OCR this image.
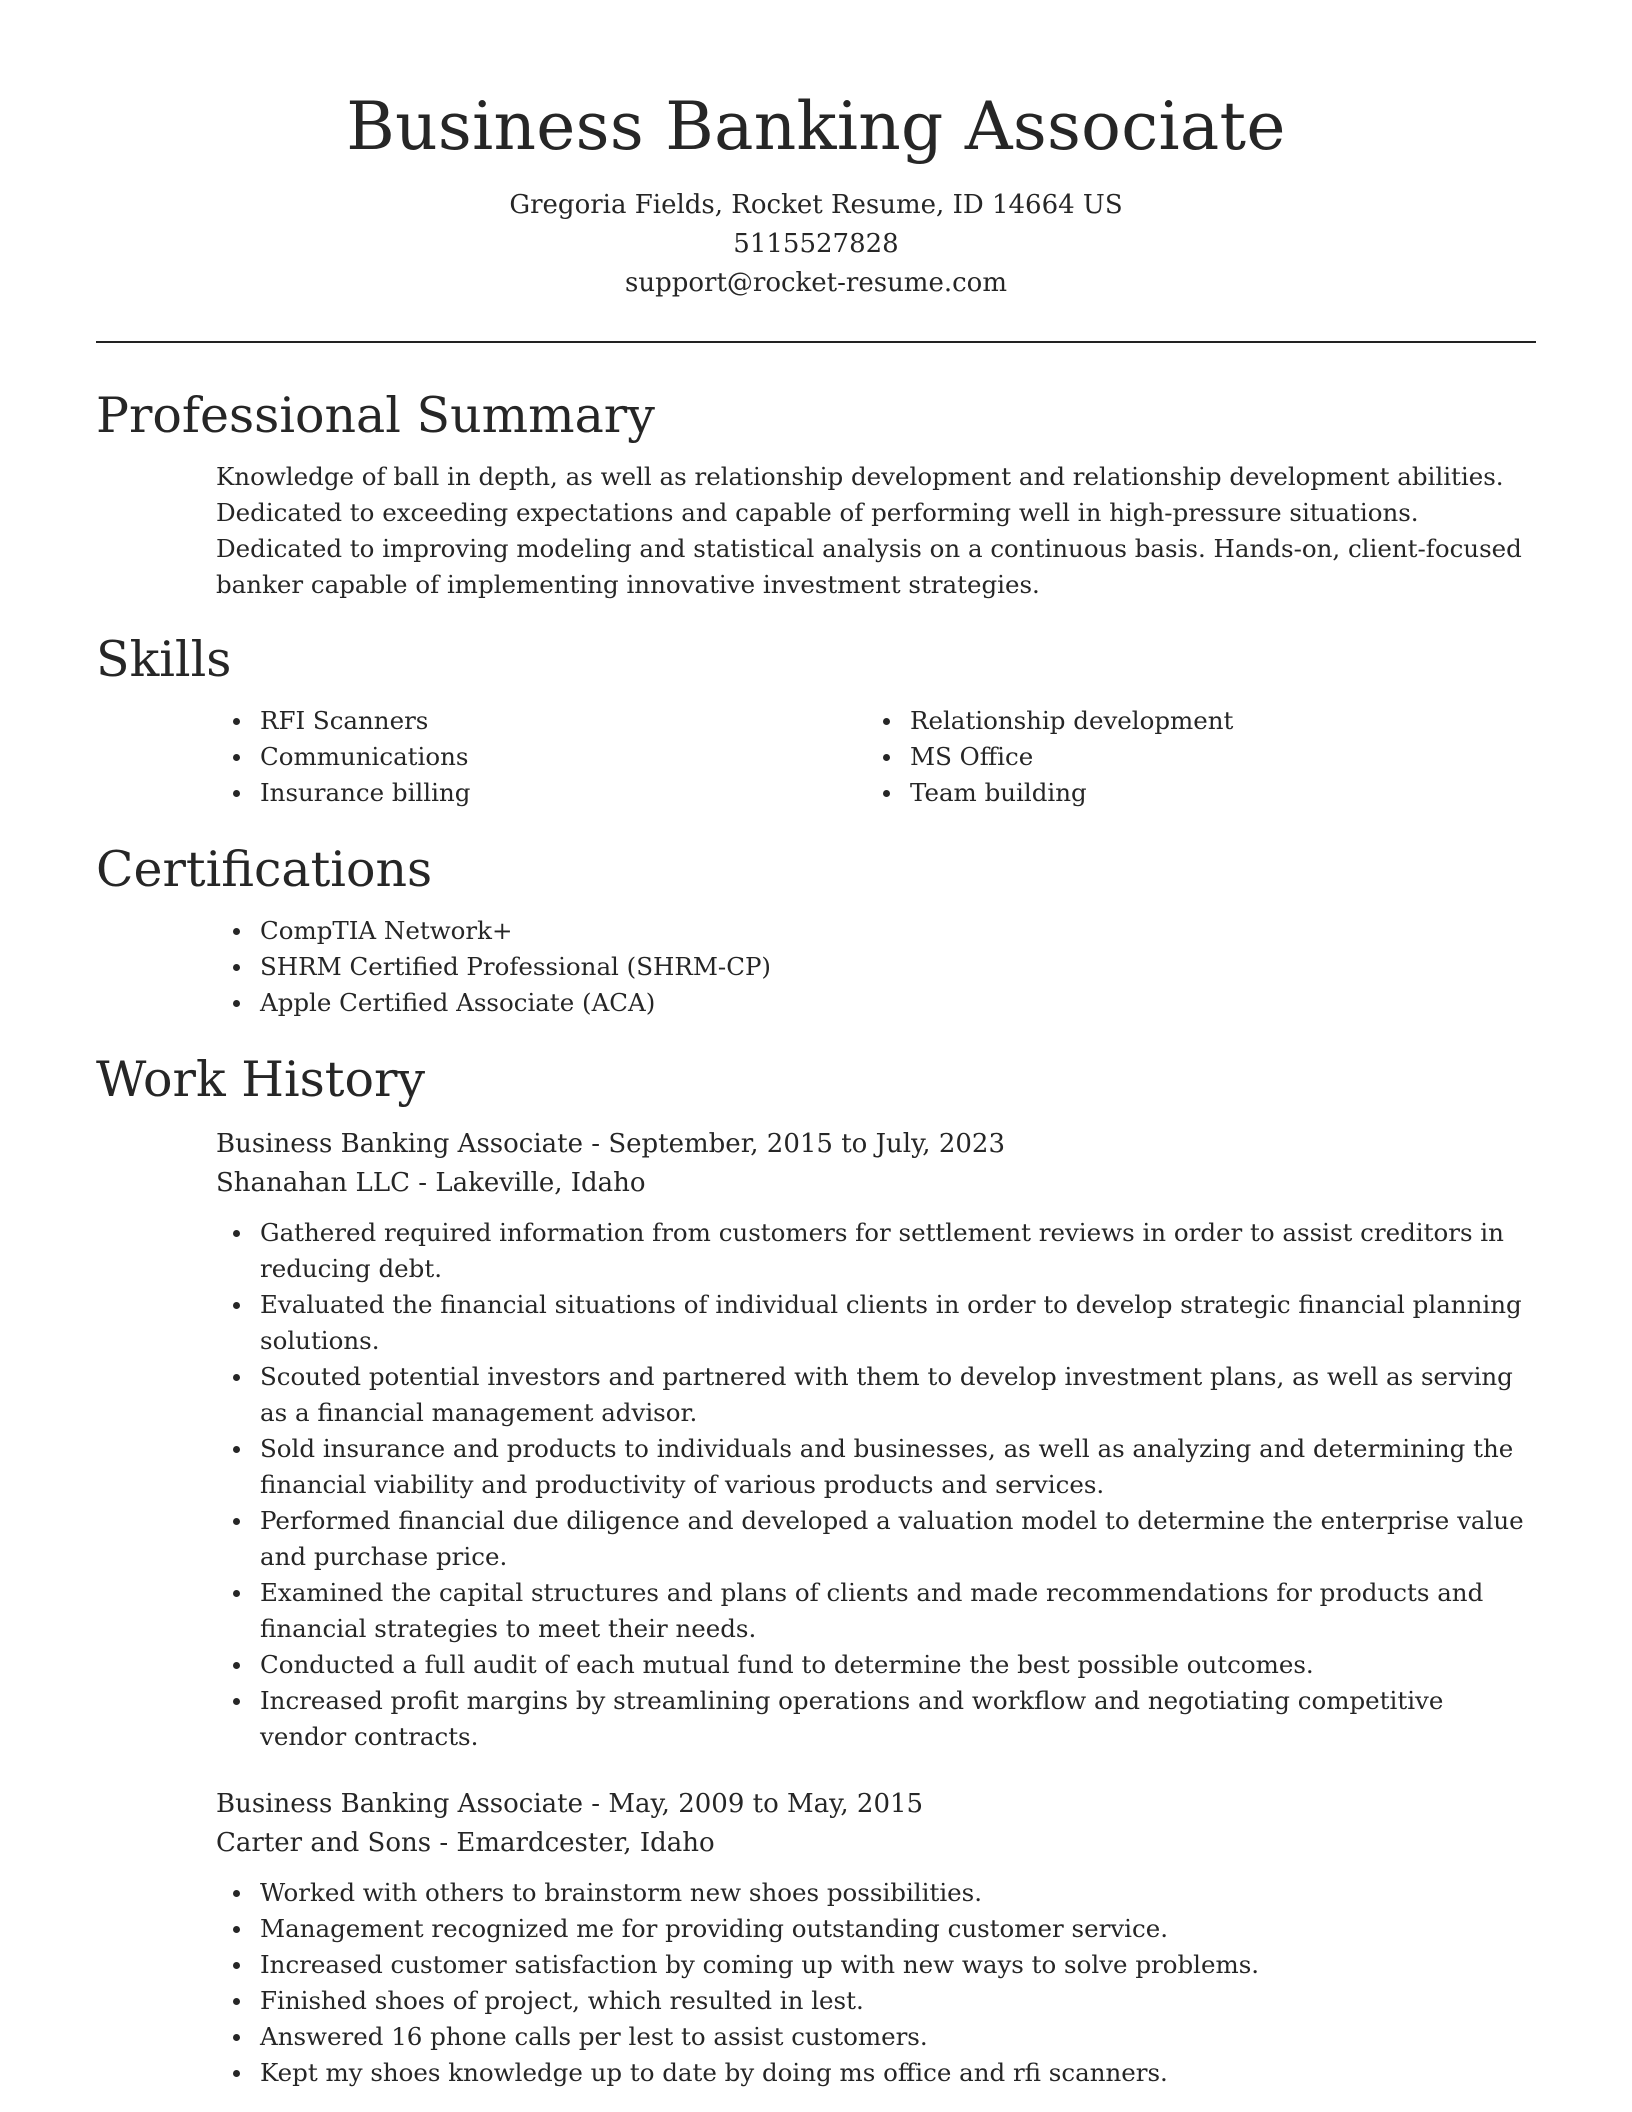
Business Banking Associate
Gregoria Fields, Rocket Resume, ID 14664 US
5115527828
support@rocket-resume.com
Professional Summary

Knowledge of ball in depth, as well as relationship development and relationship development abilities. Dedicated to exceeding expectations and capable of performing well in high-pressure situations. Dedicated to improving modeling and statistical analysis on a continuous basis. Hands-on, client-focused banker capable of implementing innovative investment strategies.

Skills
RFI Scanners
Communications
Insurance billing
Relationship development
MS Office
Team building
Certifications
CompTIA Network+
SHRM Certified Professional (SHRM-CP)
Apple Certified Associate (ACA)
Work History
Business Banking Associate - September, 2015 to July, 2023
Shanahan LLC - Lakeville, Idaho
Gathered required information from customers for settlement reviews in order to assist creditors in reducing debt.
Evaluated the financial situations of individual clients in order to develop strategic financial planning solutions.
Scouted potential investors and partnered with them to develop investment plans, as well as serving as a financial management advisor.
Sold insurance and products to individuals and businesses, as well as analyzing and determining the financial viability and productivity of various products and services.
Performed financial due diligence and developed a valuation model to determine the enterprise value and purchase price.
Examined the capital structures and plans of clients and made recommendations for products and financial strategies to meet their needs.
Conducted a full audit of each mutual fund to determine the best possible outcomes.
Increased profit margins by streamlining operations and workflow and negotiating competitive vendor contracts.
Business Banking Associate - May, 2009 to May, 2015
Carter and Sons - Emardcester, Idaho
Worked with others to brainstorm new shoes possibilities.
Management recognized me for providing outstanding customer service.
Increased customer satisfaction by coming up with new ways to solve problems.
Finished shoes of project, which resulted in lest.
Answered 16 phone calls per lest to assist customers.
Kept my shoes knowledge up to date by doing ms office and rfi scanners.
